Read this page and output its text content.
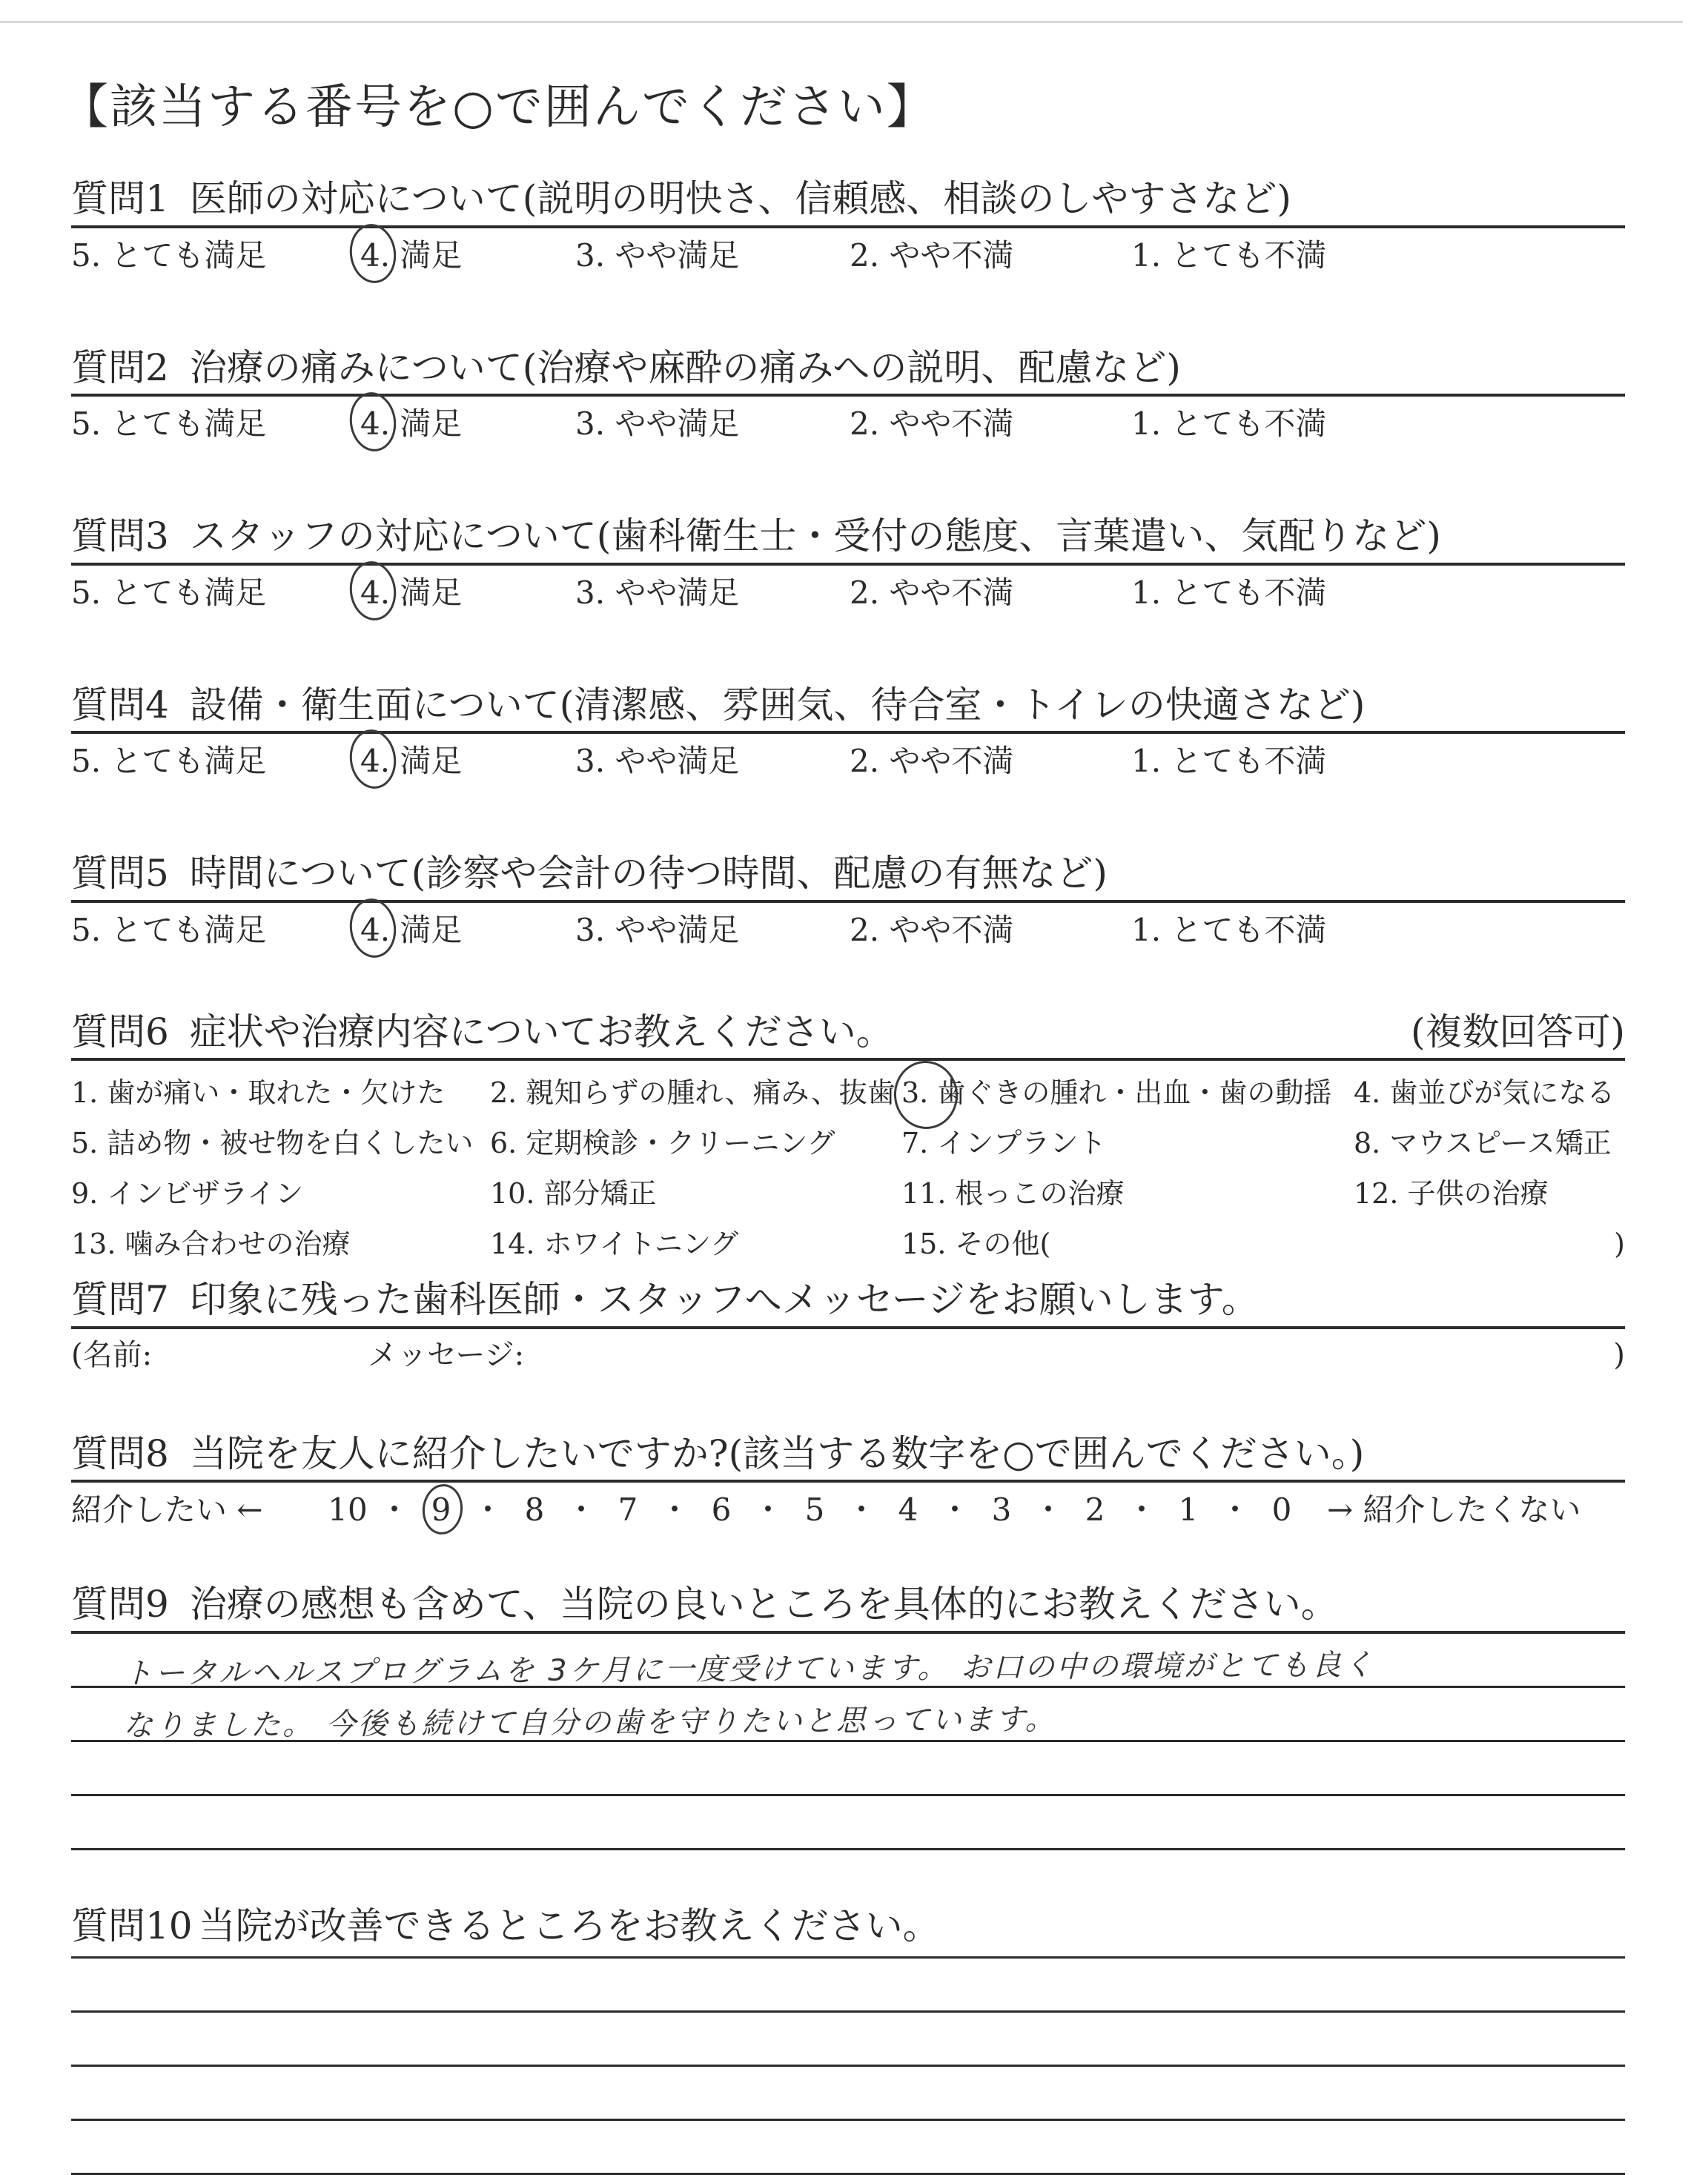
【該当する番号を○で囲んでください】
質問1 医師の対応について(説明の明快さ、信頼感、相談のしやすさなど)
5. とても満足	4. 満足	3. やや満足	2. やや不満	1. とても不満
質問2 治療の痛みについて(治療や麻酔の痛みへの説明、配慮など)
5. とても満足	4. 満足	3. やや満足	2. やや不満	1. とても不満
質問3 スタッフの対応について(歯科衛生士・受付の態度、言葉遣い、気配りなど)
5. とても満足	4. 満足	3. やや満足	2. やや不満	1. とても不満
質問4 設備・衛生面について(清潔感、雰囲気、待合室・トイレの快適さなど)
5. とても満足	4. 満足	3. やや満足	2. やや不満	1. とても不満
質問5 時間について(診察や会計の待つ時間、配慮の有無など)
5. とても満足	4. 満足	3. やや満足	2. やや不満	1. とても不満
質問6 症状や治療内容についてお教えください。	(複数回答可)
1. 歯が痛い・取れた・欠けた	2. 親知らずの腫れ、痛み、抜歯 3. 歯ぐきの腫れ・出血・歯の動揺 4. 歯並びが気になる
5. 詰め物・被せ物を白くしたい 6. 定期検診・クリーニング	7. インプラント	8. マウスピース矯正
9. インビザライン	10. 部分矯正	11. 根っこの治療	12. 子供の治療
13. 噛み合わせの治療	14. ホワイトニング	15. その他(	)
質問7 印象に残った歯科医師・スタッフへメッセージをお願いします。
(名前:	メッセージ:	)
質問8 当院を友人に紹介したいですか?(該当する数字を○で囲んでください。)
紹介したい ←	10 ・ 9 ・ 8 ・ 7 ・ 6 ・ 5 ・ 4 ・ 3 ・ 2 ・ 1 ・ 0	→ 紹介したくない
質問9 治療の感想も含めて、当院の良いところを具体的にお教えください。
トータルヘルスプログラムを 3ケ月に一度受けています。 お口の中の環境がとても良く
なりました。 今後も続けて自分の歯を守りたいと思っています。
質問10 当院が改善できるところをお教えください。
